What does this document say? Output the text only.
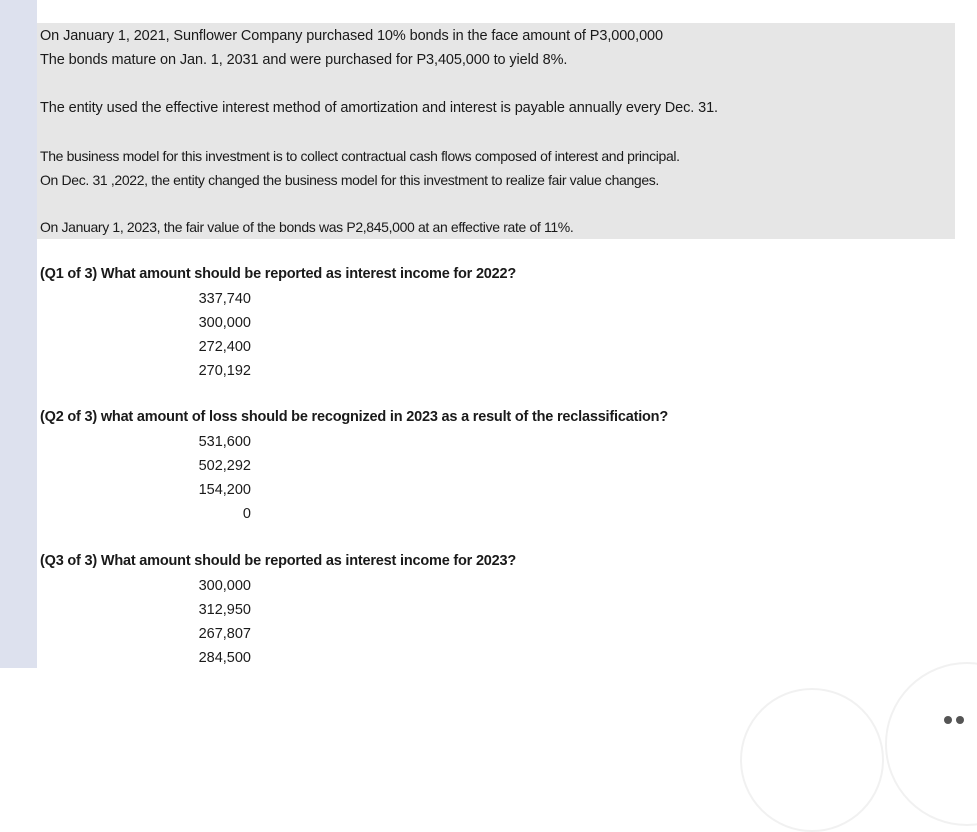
On January 1, 2021, Sunflower Company purchased 10% bonds in the face amount of P3,000,000
The bonds mature on Jan. 1, 2031 and were purchased for P3,405,000 to yield 8%.
The entity used the effective interest method of amortization and interest is payable annually every Dec. 31.
The business model for this investment is to collect contractual cash flows composed of interest and principal.
On Dec. 31 ,2022, the entity changed the business model for this investment to realize fair value changes.
On January 1, 2023, the fair value of the bonds was P2,845,000 at an effective rate of 11%.
(Q1 of 3) What amount should be reported as interest income for 2022?
337,740
300,000
272,400
270,192
(Q2 of 3) what amount of loss should be recognized in 2023 as a result of the reclassification?
531,600
502,292
154,200
0
(Q3 of 3) What amount should be reported as interest income for 2023?
300,000
312,950
267,807
284,500
